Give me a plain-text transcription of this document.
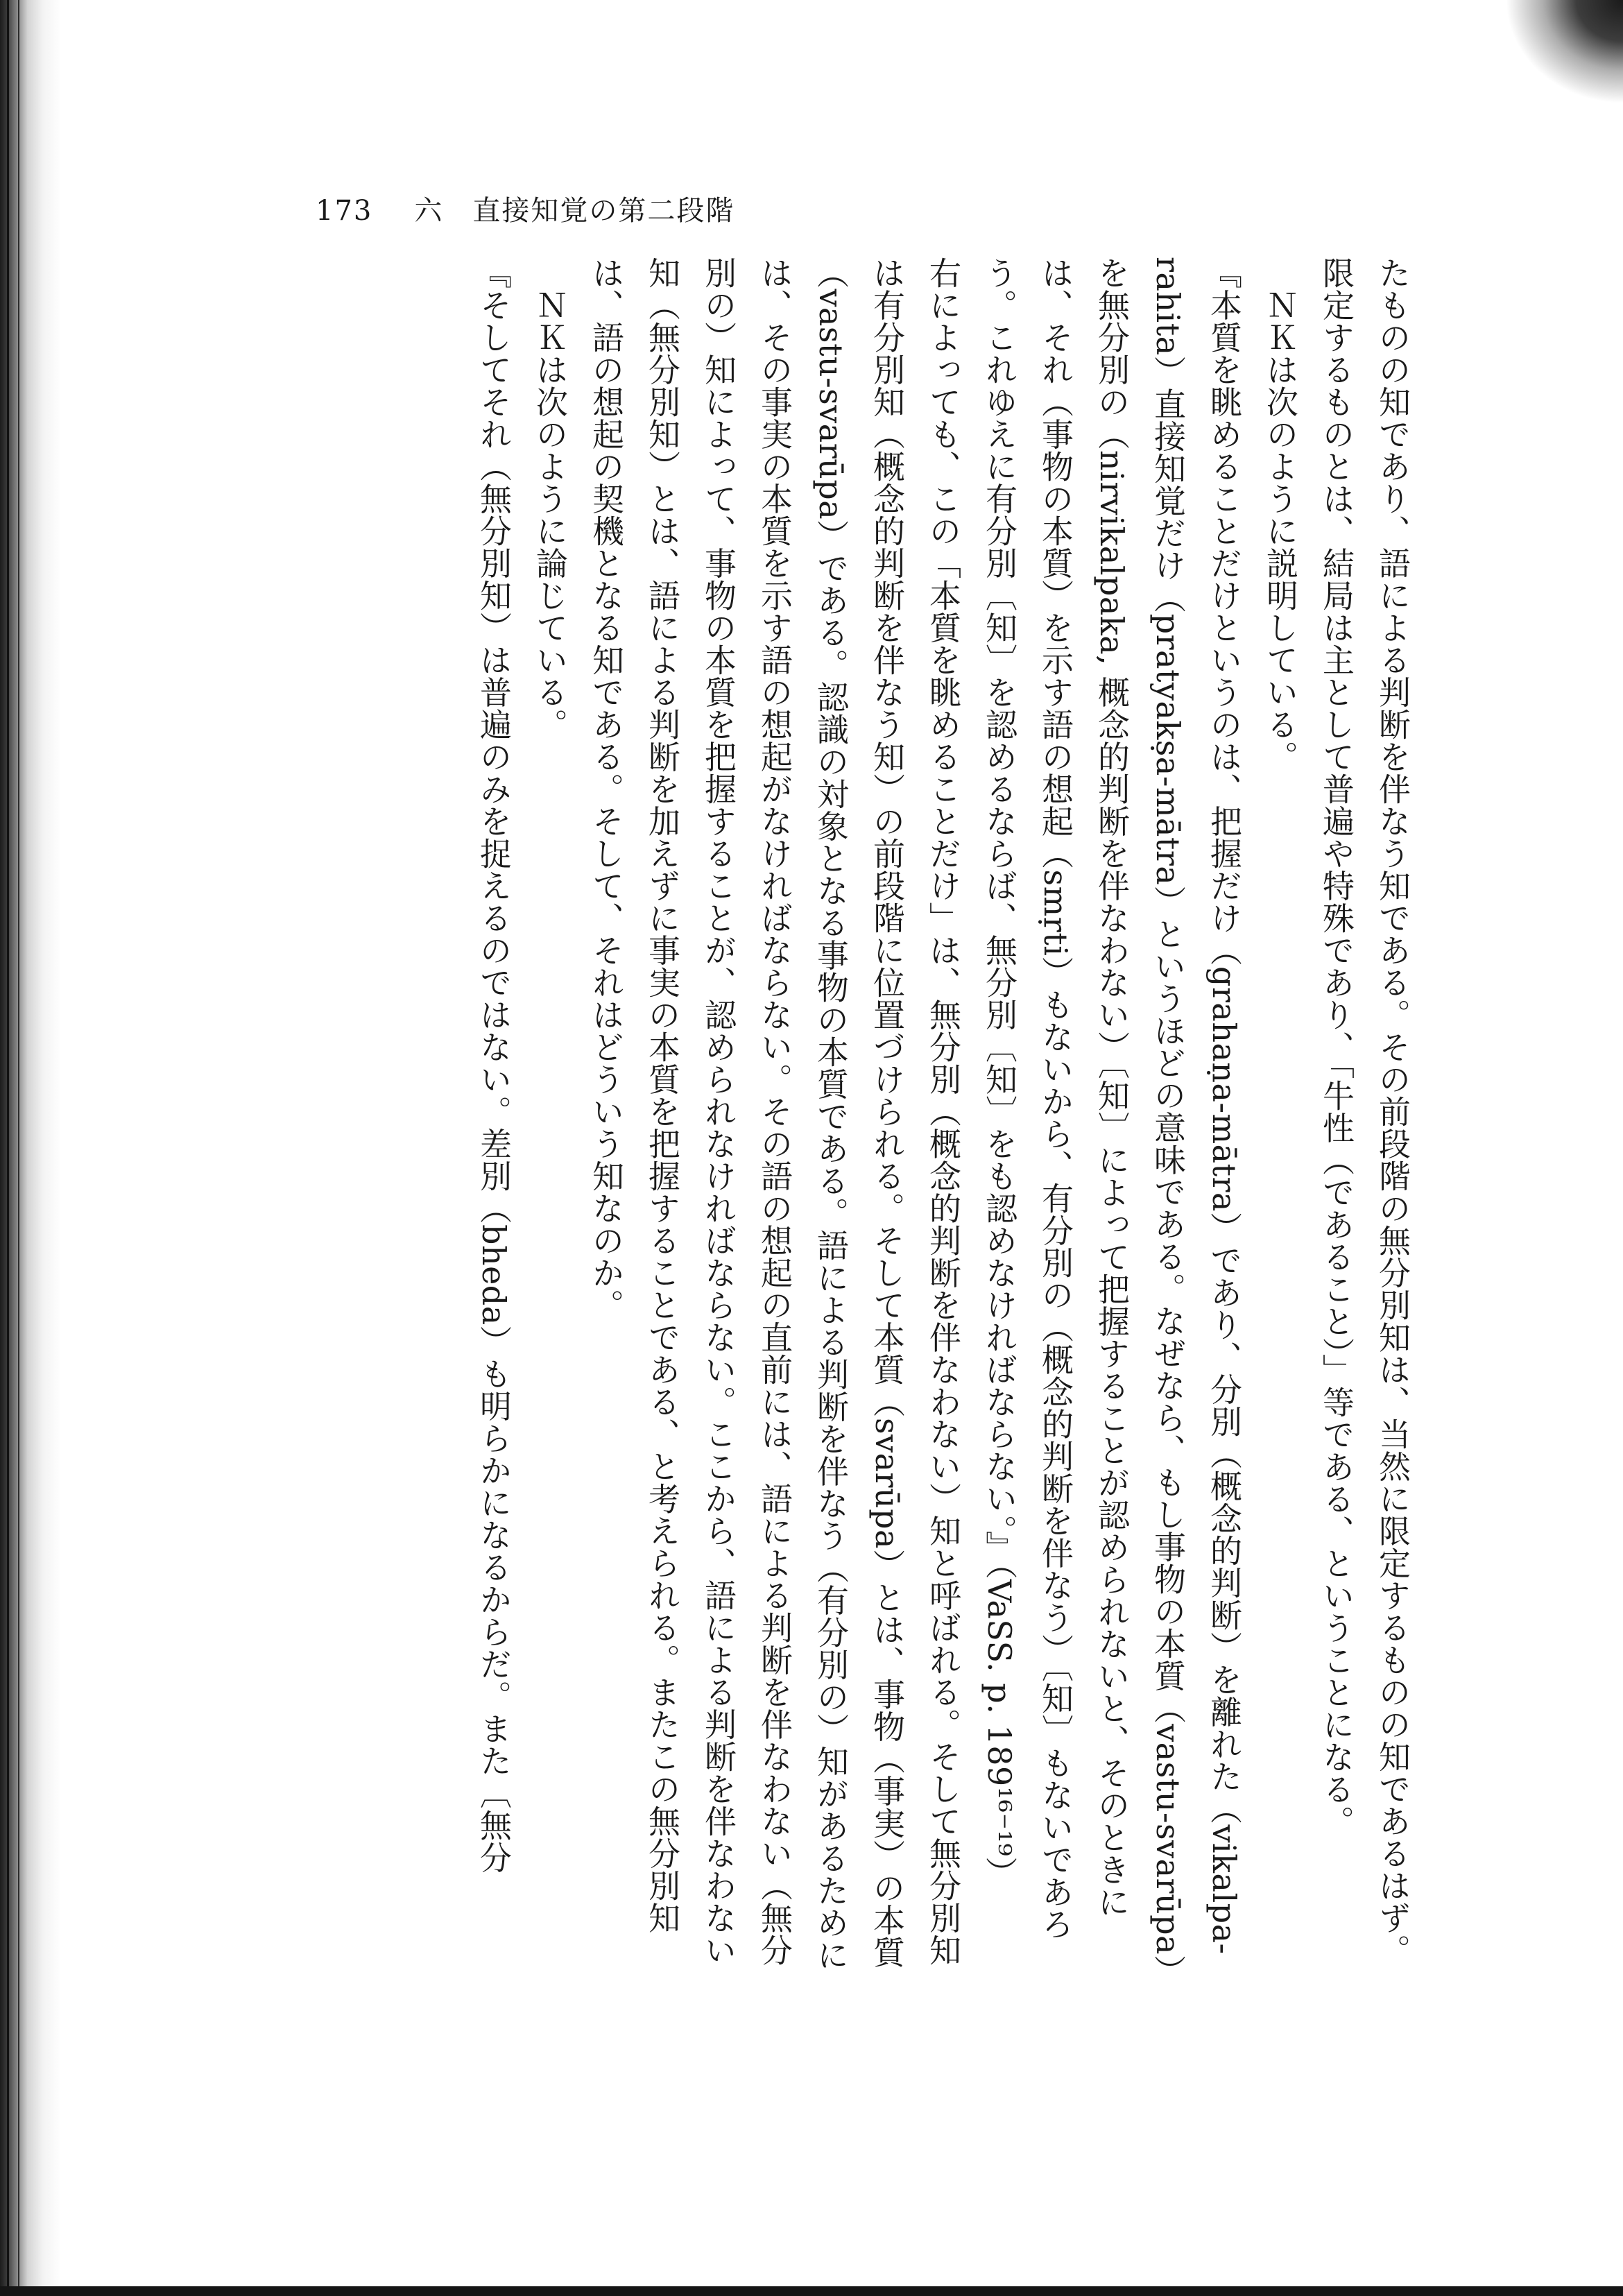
173 六　直接知覚の第二段階

たものの知であり、語による判断を伴なう知である。その前段階の無分別知は、当然に限定するものの知であるはず。限定するものとは、結局は主として普遍や特殊であり、「牛性（であること）」等である、ということになる。

　ＮＫは次のように説明している。

『本質を眺めることだけというのは、把握だけ（grahaṇa-mātra）であり、分別（概念的判断）を離れた（vikalpa-rahita）直接知覚だけ（pratyakṣa-mātra）というほどの意味である。なぜなら、もし事物の本質（vastu-svarūpa）を無分別の（nirvikalpaka, 概念的判断を伴なわない）〔知〕によって把握することが認められないと、そのときには、それ（事物の本質）を示す語の想起（smṛti）もないから、有分別の（概念的判断を伴なう）〔知〕もないであろう。これゆえに有分別〔知〕を認めるならば、無分別〔知〕をも認めなければならない。』（VaSS. p. 189¹⁶⁻¹⁹）

右によっても、この「本質を眺めることだけ」は、無分別（概念的判断を伴なわない）知と呼ばれる。そして無分別知は有分別知（概念的判断を伴なう知）の前段階に位置づけられる。そして本質（svarūpa）とは、事物（事実）の本質（vastu-svarūpa）である。認識の対象となる事物の本質である。語による判断を伴なう（有分別の）知があるためには、その事実の本質を示す語の想起がなければならない。その語の想起の直前には、語による判断を伴なわない（無分別の）知によって、事物の本質を把握することが、認められなければならない。ここから、語による判断を伴なわない知（無分別知）とは、語による判断を加えずに事実の本質を把握することである、と考えられる。またこの無分別知は、語の想起の契機となる知である。そして、それはどういう知なのか。

　ＮＫは次のように論じている。

『そしてそれ（無分別知）は普遍のみを捉えるのではない。差別（bheda）も明らかになるからだ。また〔無分
